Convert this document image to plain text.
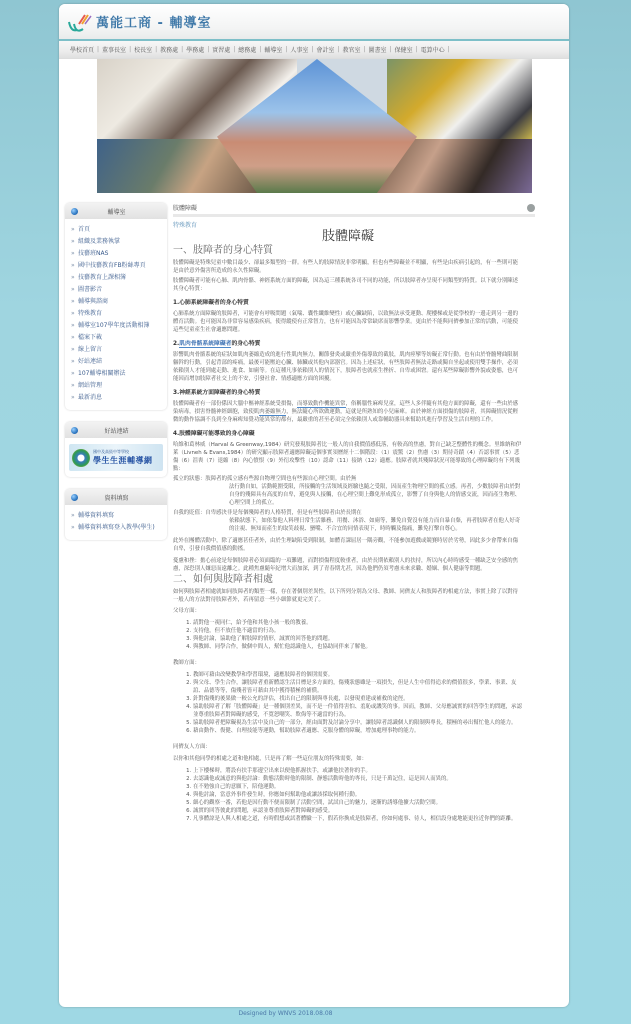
萬能工商 - 輔導室
學校首頁 | 董事長室 | 校長室 | 教務處 | 學務處 | 實習處 | 總務處 | 輔導室 | 人事室 | 會計室 | 教官室 | 圖書室 | 保健室 | 電算中心 |
輔導室
» 首頁
» 組織及業務執掌
» 技藝班NAS
» 國中技藝教育FB粉絲專頁
» 技藝教育上課相簿
» 圖書影音
» 輔導與諮商
» 特殊教育
» 輔導室107學年度活動相簿
» 檔案下載
» 線上留言
» 好站連結
» 107輔導相關辦法
» 網站管理
» 最新消息
好站連結
國中及高級中等學校
學生生涯輔導網
資料填寫
» 輔導資料填寫
» 輔導資料填寫登入教學(學生)
肢體障礙
特殊教育
肢體障礙
一、肢障者的身心特質
肢體障礙是特殊兒童中數目最少、卻最多類型的一群。有些人的肢障情況非常明顯，但也有些障礙並不明顯，有些是由疾病引起的，有一些則可能是由於意外傷害所造成的永久性障礙。
肢體障礙者可能有心肺、肌肉骨骼、神經系統方面的障礙，因為這三種系統各司不同的功能，所以肢障者亦呈現不同類型的特質。以下就分別陳述其身心特質：
1.心肺系統障礙者的身心特質
心肺系統方面障礙的肢障者，可能會有呼吸問題（氣喘、囊性纖維變性）或心臟缺陷，以致無法承受運動、爬樓梯或是從學校的一邊走到另一邊的體育活動。也可能因為非常容易感染疾病，使得縱使有正常智力，也有可能因為常常缺席而影響學業。更由於不能與同儕參加正常的活動，可能使這些兒童產生社會適應問題。
2.肌肉骨骼系統障礙者的身心特質
影響肌肉骨骼系統的症狀如肌肉萎縮造成的進行性肌肉無力，關節發炎或嚴重外傷導致的截肢，肌肉痙攣等妨礙正常行動。也有由於脊髓彎曲限制軀幹的行動，引起背部的疼痛，最後可能壓迫心臟、肺臟或其他內部器官。因為上述症狀，有些肢障者無法走路或獨自坐起或使用雙手操作，必須依賴別人才能到處走動、進食、如廁等。在這種凡事依賴別人的情況下，肢障者也就產生挫折、自卑或困窘。還有某些障礙影響外貌或姿態，也可能因而增加肢障者社交上的不安，引發社會、情感適應方面的困擾。
3.神經系統方面障礙者的身心特質
肢體障礙者有一部份係因大腦中樞神經系統受損傷，而導致動作機能異常，俗稱腦性麻痺兒童，這些人多伴隨有其他方面的障礙，還有一些由於感染病毒，損害脊髓神經細胞，致使肌肉萎縮無力，無法隨心所欲做運動，這就是所熟知的小兒麻痺。由於神經方面損傷的肢障者，其障礙情況從輕微的動作協調不良到全身麻痺知覺功能異常的都有，最嚴重的甚至必須完全依賴別人或靠輔助器具來幫助其進行學習及生活自理的工作。
4.肢體障礙可能導致的身心障礙
哈維和葛林威（Harval & Greenway,1984）研究發現肢障者比一般人的自我價值感低落，有較高的焦慮，對自己缺乏整體性的概念。里維納和伊萊（Livneh & Evans,1984）的研究顯示肢障者適應障礙這個事實須歷經十二個階段：（1）震驚（2）焦慮（3）期待奇蹟（4）否認事實（5）悲傷（6）沮喪（7）退縮（8）內心憤恨（9）外衍攻擊性（10）認命（11）接納（12）適應。肢障者就其殘障狀況可能導致的心理障礙約有下列幾點：
孤立的狀態： 肢障者的孤立感有些源自物理空間也有些源自心理空間。由於無
法行動自如，活動範圍受限，所接觸的生活領域及經驗也隨之受限，因而產生物理空間的孤立感。再者，少數肢障者由於對自身的殘障具有高度的自卑，避免與人接觸，在心理空間上難免形成孤立，影響了自身與他人的情感交流，因而產生物理、心理空間上的孤立。
自我的貶值： 自卑感決非是每個殘障者的人格特質，但是有些肢障者由於長期在
依賴狀態下，如依靠他人料理日常生活雜務、用餐、沐浴、如廁等，難免自覺沒有能力而自暴自棄，再者肢障者在他人好奇的注視、無知而產生的取笑歧視、蠻嘴、不合宜的同情表現下，時時觸及傷痛，難免打擊自尊心。
此外在團體活動中，除了適應甚佳者外，由於生理缺陷受到限制，如體育課屈居一隅旁觀，不能參加遊戲或競賽時居於劣勢，因此多少會帶來自傷自卑，引發自我價值感的動搖。
憂慮和挫：擔心前途是每個肢障者必須面臨的一項難題，而對損傷程度較重者，由於長期依賴別人的扶持，所以內心時時感受一種缺乏安全感的焦慮，深恐別人嫌惡而遠離之。此種焦慮隨年紀增大而加深，到了青春期尤甚，因為他們仍須考慮未來求職、婚姻、個人健康等問題。
二、如何與肢障者相處
如何與肢障者相處就如同肢障者的類型一樣，存在著個別差異性，以下所列分別為父母、教師、同儕友人和肢障者的相處方法，事實上除了以對待一般人的方法對待肢障者外，若再留意一些小細節就更完美了。
父母方面：
1. 請對他一視同仁，給予他和其他小孩一般的教養。
2. 支持他，但不放任他不適當的行為。
3. 與他討論，協助他了解肢障的情形，誠實的回答他的問題。
4. 與教師、同學合作，做個中間人，幫忙他認識他人，也協助同伴來了解他。
教師方面：
1. 教師可藉由改變教學和學習環境，適應肢障者的個別需要。
2. 與父母、學生合作，讓肢障者重新體認生活目標是多方面的，傷殘狀態雖是一項損失，但是人生中值得追求的價值很多，學業、事業、友誼、品德等等，傷殘者皆可藉由其中獲得積極的補償。
3. 針對傷殘的後果做一較公允的評估，找出自己的限制與專長處，以發現重建或補救的途徑。
4. 協助肢障者了解「肢體障礙」是一種個別差異，而不是一件值得害怕、羞恥或譏笑的事。因而，教師、父母應誠實的回答學生的問題，承認並尊重肢障者對障礙的感受，不寬恕嘲笑、欺侮等不適當的行為。
5. 協助肢障者把障礙視為生活中及自己的一部分，經由面對及討論分享中，讓肢障者認識個人的限制與專長，積極的尋出幫忙他人的能力。
6. 藉由動作、復健、自理技能等運動，幫助肢障者適應、克服身體的障礙，增加處理事物的能力。
同儕友人方面：
以你和其他同學的相處之道和他相處，只是再了解一些這位朋友的特殊需要，如：
1. 上下樓梯時，將設有扶手那邊空出來以便他抓握扶手，或讓他扶著你的手。
2. 去認識他或誠意的與他討論：動態活動時他的限制、靜態活動時他的專長，只是千萬記住，這是因人而異的。
3. 在不勉強自己的意願下，陪他運動。
4. 與他討論，當意外事件發生時，你應如何幫助他或讓該採取何種行動。
5. 細心的觀察一番，若他是因行動不便而限制了活動空間，試試自己的魅力，逐漸的誘導他擴大活動空間。
6. 誠實的回答彼此的問題，承認並尊重肢障者對障礙的感受。
7. 凡事體諒是人與人相處之道，有時假想或試著體驗一下，假若你換成是肢障者，你如何處事、待人，相信設身處地能更拉近你們的距離。
Designed by WNVS 2018.08.08
